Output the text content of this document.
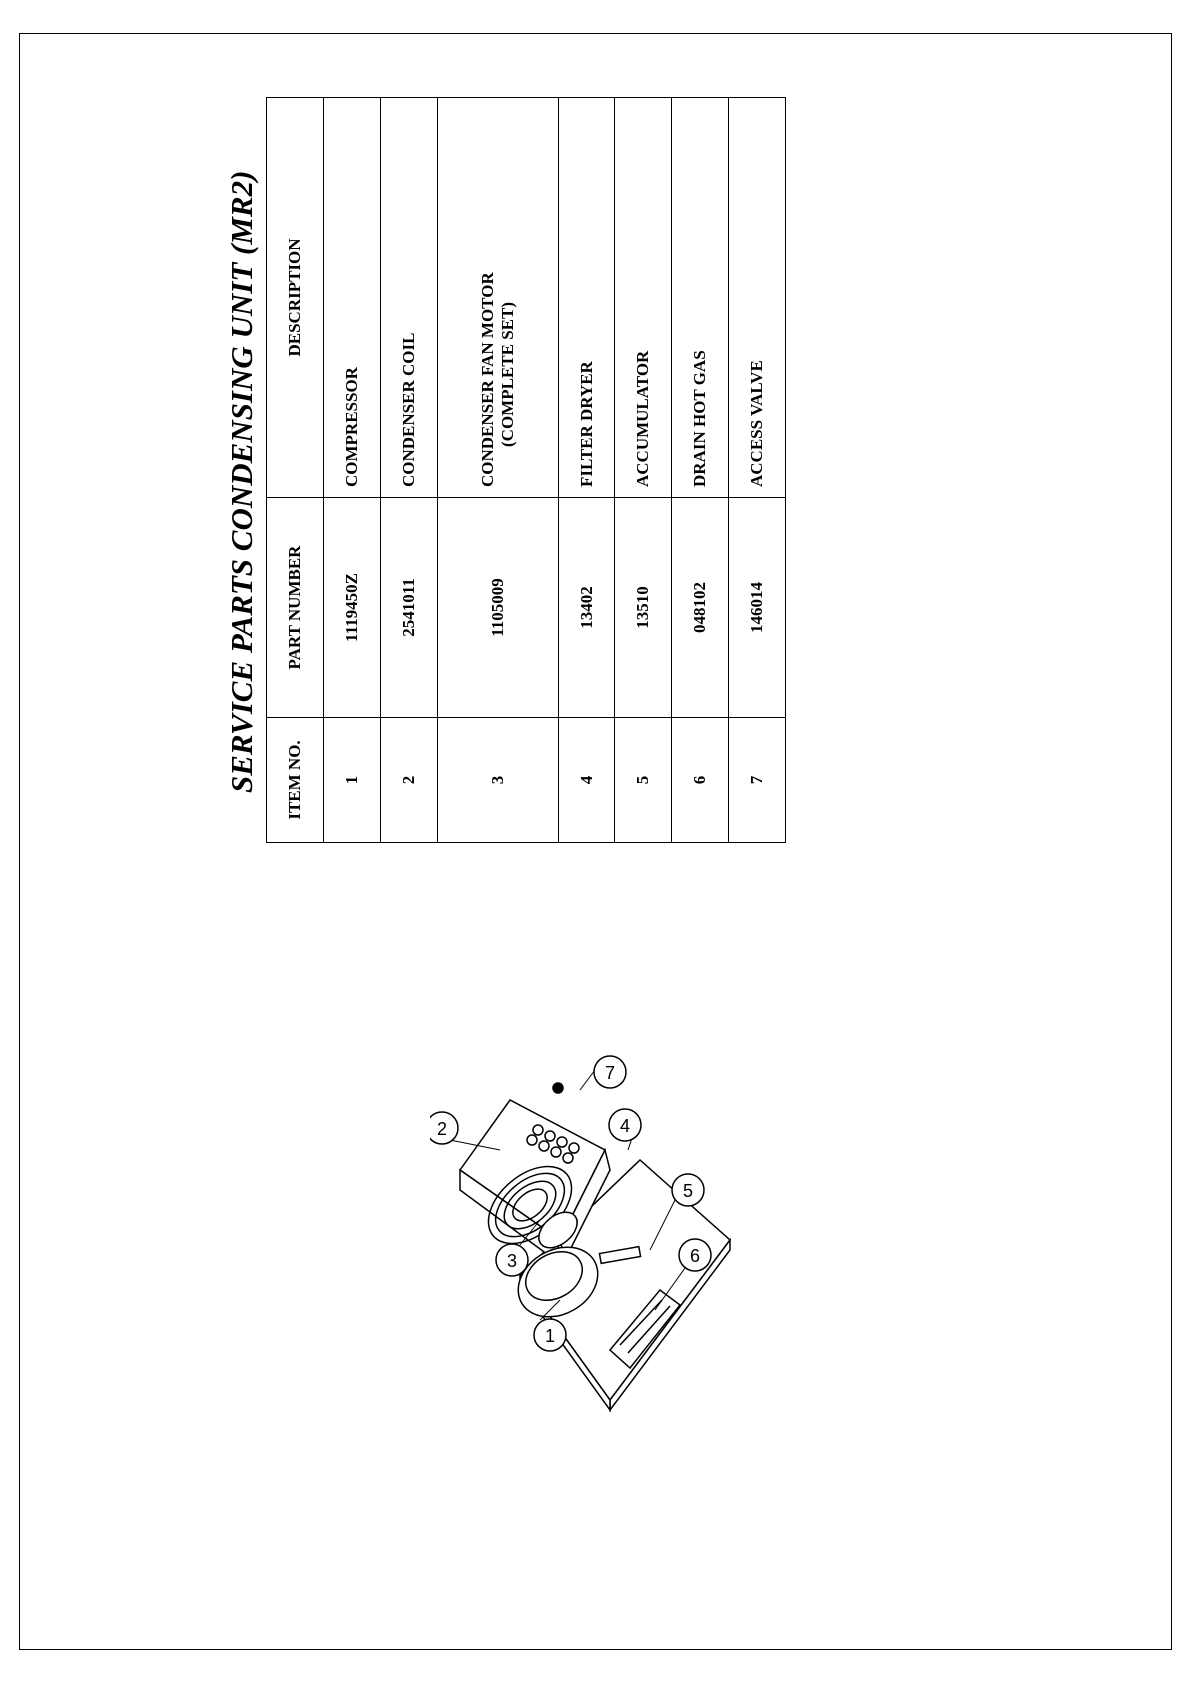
SERVICE PARTS CONDENSING UNIT (MR2)	ITEM NO.	PART NUMBER	DESCRIPTION
1	1119450Z	COMPRESSOR
2	2541011	CONDENSER COIL
3	1105009	CONDENSER FAN MOTOR (COMPLETE SET)

4	13402	FILTER DRYER
5	13510	ACCUMULATOR
6	048102	DRAIN HOT GAS
7	146014	ACCESS VALVE
1
3
2	4
7
5
6
